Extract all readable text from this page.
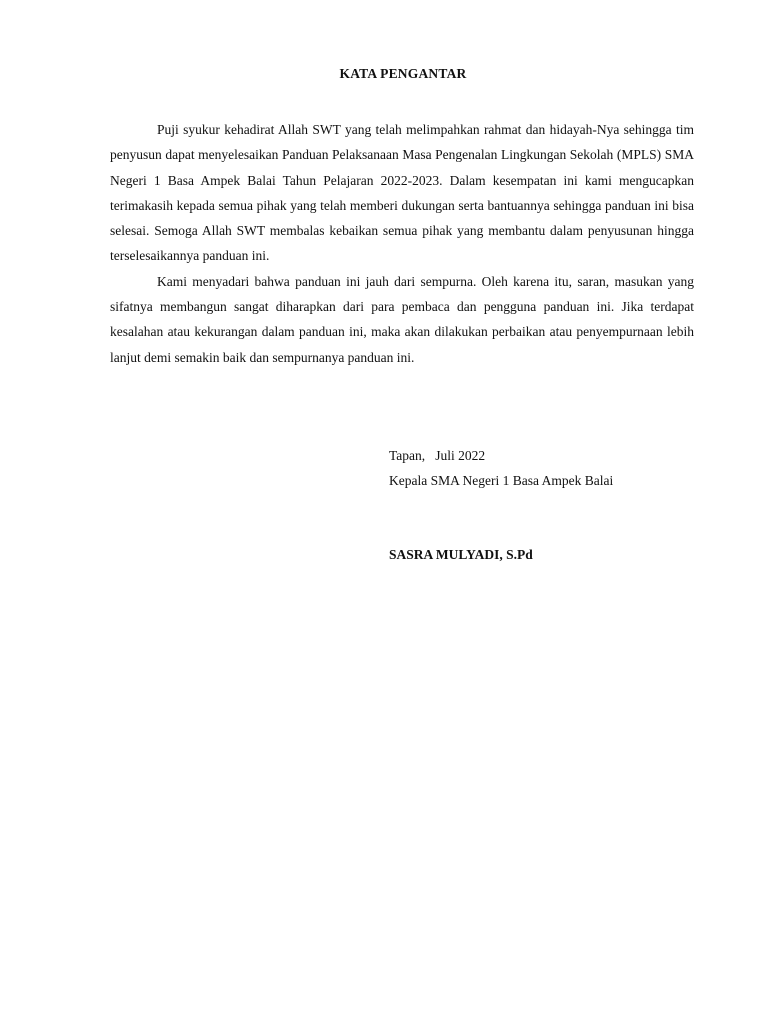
KATA PENGANTAR

Puji syukur kehadirat Allah SWT yang telah melimpahkan rahmat dan hidayah-Nya sehingga tim penyusun dapat menyelesaikan Panduan Pelaksanaan Masa Pengenalan Lingkungan Sekolah (MPLS) SMA Negeri 1 Basa Ampek Balai Tahun Pelajaran 2022-2023. Dalam kesempatan ini kami mengucapkan terimakasih kepada semua pihak yang telah memberi dukungan serta bantuannya sehingga panduan ini bisa selesai. Semoga Allah SWT membalas kebaikan semua pihak yang membantu dalam penyusunan hingga terselesaikannya panduan ini.

Kami menyadari bahwa panduan ini jauh dari sempurna. Oleh karena itu, saran, masukan yang sifatnya membangun sangat diharapkan dari para pembaca dan pengguna panduan ini. Jika terdapat kesalahan atau kekurangan dalam panduan ini, maka akan dilakukan perbaikan atau penyempurnaan lebih lanjut demi semakin baik dan sempurnanya panduan ini.

Tapan,   Juli 2022
Kepala SMA Negeri 1 Basa Ampek Balai
SASRA MULYADI, S.Pd
